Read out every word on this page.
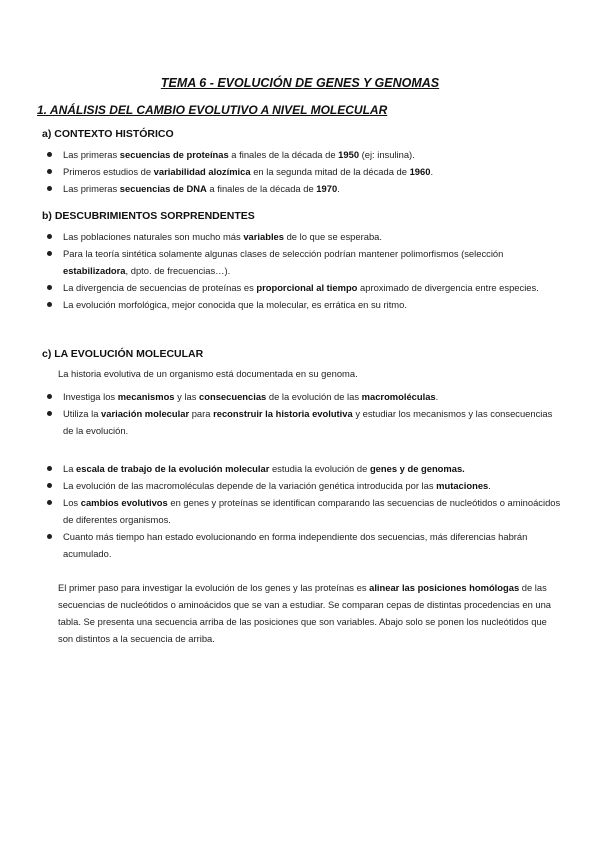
TEMA 6 - EVOLUCIÓN DE GENES Y GENOMAS
1. ANÁLISIS DEL CAMBIO EVOLUTIVO A NIVEL MOLECULAR
a) CONTEXTO HISTÓRICO
Las primeras secuencias de proteínas a finales de la década de 1950 (ej: insulina).
Primeros estudios de variabilidad alozímica en la segunda mitad de la década de 1960.
Las primeras secuencias de DNA a finales de la década de 1970.
b) DESCUBRIMIENTOS SORPRENDENTES
Las poblaciones naturales son mucho más variables de lo que se esperaba.
Para la teoría sintética solamente algunas clases de selección podrían mantener polimorfismos (selección estabilizadora, dpto. de frecuencias…).
La divergencia de secuencias de proteínas es proporcional al tiempo aproximado de divergencia entre especies.
La evolución morfológica, mejor conocida que la molecular, es errática en su ritmo.
c) LA EVOLUCIÓN MOLECULAR
La historia evolutiva de un organismo está documentada en su genoma.
Investiga los mecanismos y las consecuencias de la evolución de las macromoléculas.
Utiliza la variación molecular para reconstruir la historia evolutiva y estudiar los mecanismos y las consecuencias de la evolución.
La escala de trabajo de la evolución molecular estudia la evolución de genes y de genomas.
La evolución de las macromoléculas depende de la variación genética introducida por las mutaciones.
Los cambios evolutivos en genes y proteínas se identifican comparando las secuencias de nucleótidos o aminoácidos de diferentes organismos.
Cuanto más tiempo han estado evolucionando en forma independiente dos secuencias, más diferencias habrán acumulado.
El primer paso para investigar la evolución de los genes y las proteínas es alinear las posiciones homólogas de las secuencias de nucleótidos o aminoácidos que se van a estudiar. Se comparan cepas de distintas procedencias en una tabla. Se presenta una secuencia arriba de las posiciones que son variables. Abajo solo se ponen los nucleótidos que son distintos a la secuencia de arriba.
